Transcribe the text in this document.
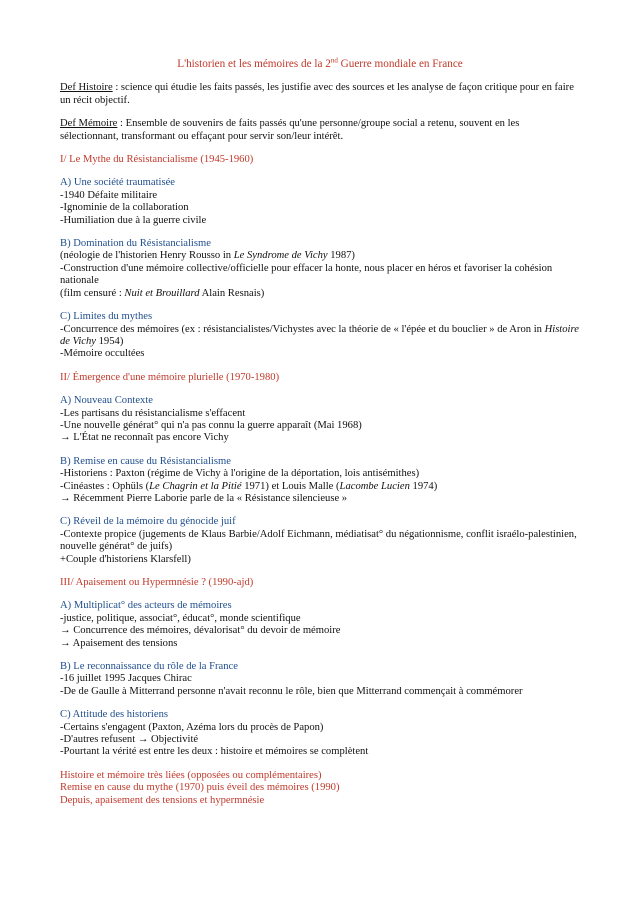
L'historien et les mémoires de la 2nd Guerre mondiale en France

Def Histoire : science qui étudie les faits passés, les justifie avec des sources et les analyse de façon critique pour en faire un récit objectif.

Def Mémoire : Ensemble de souvenirs de faits passés qu'une personne/groupe social a retenu, souvent en les sélectionnant, transformant ou effaçant pour servir son/leur intérêt.

I/ Le Mythe du Résistancialisme (1945-1960)

A) Une société traumatisée

-1940 Défaite militaire

-Ignominie de la collaboration

-Humiliation due à la guerre civile

B) Domination du Résistancialisme

(néologie de l'historien Henry Rousso in Le Syndrome de Vichy 1987)

-Construction d'une mémoire collective/officielle pour effacer la honte, nous placer en héros et favoriser la cohésion nationale

(film censuré : Nuit et Brouillard Alain Resnais)

C) Limites du mythes

-Concurrence des mémoires (ex : résistancialistes/Vichystes avec la théorie de « l'épée et du bouclier » de Aron in Histoire de Vichy 1954)

-Mémoire occultées

II/ Émergence d'une mémoire plurielle (1970-1980)

A) Nouveau Contexte

-Les partisans du résistancialisme s'effacent

-Une nouvelle générat° qui n'a pas connu la guerre apparaît (Mai 1968)

→ L'État ne reconnaît pas encore Vichy

B) Remise en cause du Résistancialisme

-Historiens : Paxton (régime de Vichy à l'origine de la déportation, lois antisémithes)

-Cinéastes : Ophüls (Le Chagrin et la Pitié 1971) et Louis Malle (Lacombe Lucien 1974)

→ Récemment Pierre Laborie parle de la « Résistance silencieuse »

C) Réveil de la mémoire du génocide juif

-Contexte propice (jugements de Klaus Barbie/Adolf Eichmann, médiatisat° du négationnisme, conflit israélo-palestinien, nouvelle générat° de juifs)

+Couple d'historiens Klarsfell)

III/ Apaisement ou Hypermnésie ? (1990-ajd)

A) Multiplicat° des acteurs de mémoires

-justice, politique, associat°, éducat°, monde scientifique

→ Concurrence des mémoires, dévalorisat° du devoir de mémoire

→ Apaisement des tensions

B) Le reconnaissance du rôle de la France

-16 juillet 1995 Jacques Chirac

-De de Gaulle à Mitterrand personne n'avait reconnu le rôle, bien que Mitterrand commençait à commémorer

C) Attitude des historiens

-Certains s'engagent (Paxton, Azéma lors du procès de Papon)

-D'autres refusent → Objectivité

-Pourtant la vérité est entre les deux : histoire et mémoires se complètent

Histoire et mémoire très liées (opposées ou complémentaires)

Remise en cause du mythe (1970) puis éveil des mémoires (1990)

Depuis, apaisement des tensions et hypermnésie
